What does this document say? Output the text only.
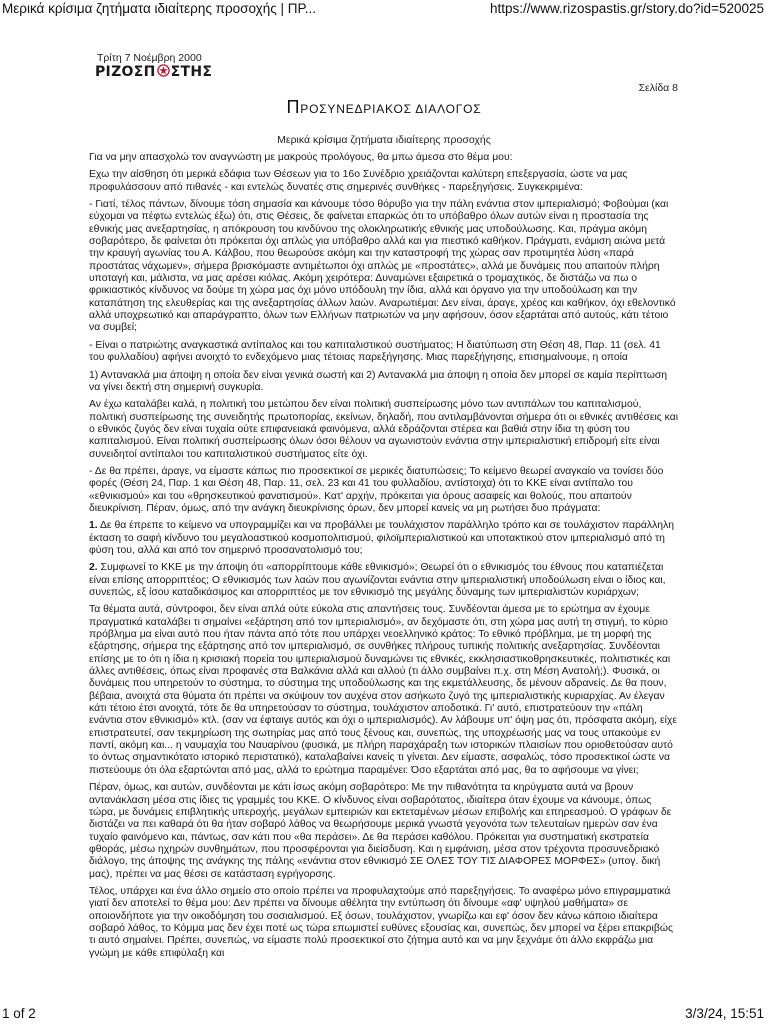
Μερικά κρίσιμα ζητήματα ιδιαίτερης προσοχής | ΠΡ...	https://www.rizospastis.gr/story.do?id=520025
Τρίτη 7 Νοέμβρη 2000
ΡΙΖΟΣΠ ΣΤΗΣ
Σελίδα 8
ΠΡΟΣΥΝΕΔΡΙΑΚΟΣ ΔΙΑΛΟΓΟΣ
Μερικά κρίσιμα ζητήματα ιδιαίτερης προσοχής

Για να μην απασχολώ τον αναγνώστη με μακρούς προλόγους, θα μπω άμεσα στο θέμα μου:

Εχω την αίσθηση ότι μερικά εδάφια των Θέσεων για το 16ο Συνέδριο χρειάζονται καλύτερη επεξεργασία, ώστε να μας προφυλάσσουν από πιθανές - και εντελώς δυνατές στις σημερινές συνθήκες - παρεξηγήσεις. Συγκεκριμένα:

- Γιατί, τέλος πάντων, δίνουμε τόση σημασία και κάνουμε τόσο θόρυβο για την πάλη ενάντια στον ιμπεριαλισμό; Φοβούμαι (και εύχομαι να πέφτω εντελώς έξω) ότι, στις Θέσεις, δε φαίνεται επαρκώς ότι το υπόβαθρο όλων αυτών είναι η προστασία της εθνικής μας ανεξαρτησίας, η απόκρουση του κινδύνου της ολοκληρωτικής εθνικής μας υποδούλωσης. Και, πράγμα ακόμη σοβαρότερο, δε φαίνεται ότι πρόκειται όχι απλώς για υπόβαθρο αλλά και για πιεστικό καθήκον. Πράγματι, ενάμιση αιώνα μετά την κραυγή αγωνίας του Α. Κάλβου, που θεωρούσε ακόμη και την καταστροφή της χώρας σαν προτιμητέα λύση «παρά προστάτας νάχωμεν», σήμερα βρισκόμαστε αντιμέτωποι όχι απλώς με «προστάτες», αλλά με δυνάμεις που απαιτούν πλήρη υποταγή και, μάλιστα, να μας αρέσει κιόλας. Ακόμη χειρότερα: Δυναμώνει εξαιρετικά ο τρομαχτικός, δε διστάζω να πω ο φρικιαστικός κίνδυνος να δούμε τη χώρα μας όχι μόνο υπόδουλη την ίδια, αλλά και όργανο για την υποδούλωση και την καταπάτηση της ελευθερίας και της ανεξαρτησίας άλλων λαών. Αναρωτιέμαι: Δεν είναι, άραγε, χρέος και καθήκον, όχι εθελοντικό αλλά υποχρεωτικό και απαράγραπτο, όλων των Ελλήνων πατριωτών να μην αφήσουν, όσον εξαρτάται από αυτούς, κάτι τέτοιο να συμβεί;

- Είναι ο πατριώτης αναγκαστικά αντίπαλος και του καπιταλιστικού συστήματος; Η διατύπωση στη Θέση 48, Παρ. 11 (σελ. 41 του φυλλαδίου) αφήνει ανοιχτό το ενδεχόμενο μιας τέτοιας παρεξήγησης. Μιας παρεξήγησης, επισημαίνουμε, η οποία

1) Αντανακλά μια άποψη η οποία δεν είναι γενικά σωστή και 2) Αντανακλά μια άποψη η οποία δεν μπορεί σε καμία περίπτωση να γίνει δεκτή στη σημερινή συγκυρία.

Αν έχω καταλάβει καλά, η πολιτική του μετώπου δεν είναι πολιτική συσπείρωσης μόνο των αντιπάλων του καπιταλισμού, πολιτική συσπείρωσης της συνειδητής πρωτοπορίας, εκείνων, δηλαδή, που αντιλαμβάνονται σήμερα ότι οι εθνικές αντιθέσεις και ο εθνικός ζυγός δεν είναι τυχαία ούτε επιφανειακά φαινόμενα, αλλά εδράζονται στέρεα και βαθιά στην ίδια τη φύση του καπιταλισμού. Είναι πολιτική συσπείρωσης όλων όσοι θέλουν να αγωνιστούν ενάντια στην ιμπεριαλιστική επιδρομή είτε είναι συνειδητοί αντίπαλοι του καπιταλιστικού συστήματος είτε όχι.

- Δε θα πρέπει, άραγε, να είμαστε κάπως πιο προσεκτικοί σε μερικές διατυπώσεις; Το κείμενο θεωρεί αναγκαίο να τονίσει δύο φορές (Θέση 24, Παρ. 1 και Θέση 48, Παρ. 11, σελ. 23 και 41 του φυλλαδίου, αντίστοιχα) ότι το ΚΚΕ είναι αντίπαλο του «εθνικισμού» και του «θρησκευτικού φανατισμού». Κατ' αρχήν, πρόκειται για όρους ασαφείς και θολούς, που απαιτούν διευκρίνιση. Πέραν, όμως, από την ανάγκη διευκρίνισης όρων, δεν μπορεί κανείς να μη ρωτήσει δυο πράγματα:

1. Δε θα έπρεπε το κείμενο να υπογραμμίζει και να προβάλλει με τουλάχιστον παράλληλο τρόπο και σε τουλάχιστον παράλληλη έκταση το σαφή κίνδυνο του μεγαλοαστικού κοσμοπολιτισμού, φιλοϊμπεριαλιστικού και υποτακτικού στον ιμπεριαλισμό από τη φύση του, αλλά και από τον σημερινό προσανατολισμό του;

2. Συμφωνεί το ΚΚΕ με την άποψη ότι «απορρίπτουμε κάθε εθνικισμό»; Θεωρεί ότι ο εθνικισμός του έθνους που καταπιέζεται είναι επίσης απορριπτέος; Ο εθνικισμός των λαών που αγωνίζονται ενάντια στην ιμπεριαλιστική υποδούλωση είναι ο ίδιος και, συνεπώς, εξ ίσου καταδικάσιμος και απορριπτέος με τον εθνικισμό της μεγάλης δύναμης των ιμπεριαλιστών κυριάρχων;

Τα θέματα αυτά, σύντροφοι, δεν είναι απλά ούτε εύκολα στις απαντήσεις τους. Συνδέονται άμεσα με το ερώτημα αν έχουμε πραγματικά καταλάβει τι σημαίνει «εξάρτηση από τον ιμπεριαλισμό», αν δεχόμαστε ότι, στη χώρα μας αυτή τη στιγμή, το κύριο πρόβλημα μα είναι αυτό που ήταν πάντα από τότε που υπάρχει νεοελληνικό κράτος: Το εθνικό πρόβλημα, με τη μορφή της εξάρτησης, σήμερα της εξάρτησης από τον ιμπεριαλισμό, σε συνθήκες πλήρους τυπικής πολιτικής ανεξαρτησίας. Συνδέονται επίσης με το ότι η ίδια η κρισιακή πορεία του ιμπεριαλισμού δυναμώνει τις εθνικές, εκκλησιαστικοθρησκευτικές, πολιτιστικές και άλλες αντιθέσεις, όπως είναι προφανές στα Βαλκάνια αλλά και αλλού (τι άλλο συμβαίνει π.χ. στη Μέση Ανατολή;). Φυσικά, οι δυνάμεις που υπηρετούν το σύστημα, το σύστημα της υποδούλωσης και της εκμετάλλευσης, δε μένουν αδρανείς. Δε θα πουν, βέβαια, ανοιχτά στα θύματα ότι πρέπει να σκύψουν τον αυχένα στον ασήκωτο ζυγό της ιμπεριαλιστικής κυριαρχίας. Αν έλεγαν κάτι τέτοιο έτσι ανοιχτά, τότε δε θα υπηρετούσαν το σύστημα, τουλάχιστον αποδοτικά. Γι' αυτό, επιστρατεύουν την «πάλη ενάντια στον εθνικισμό» κτλ. (σαν να έφταιγε αυτός και όχι ο ιμπεριαλισμός). Αν λάβουμε υπ' όψη μας ότι, πρόσφατα ακόμη, είχε επιστρατευτεί, σαν τεκμηρίωση της σωτηρίας μας από τους ξένους και, συνεπώς, της υποχρέωσής μας να τους υπακούμε εν παντί, ακόμη και... η ναυμαχία του Ναυαρίνου (φυσικά, με πλήρη παραχάραξη των ιστορικών πλαισίων που οριοθετούσαν αυτό το όντως σημαντικότατο ιστορικό περιστατικό), καταλαβαίνει κανείς τι γίνεται. Δεν είμαστε, ασφαλώς, τόσο προσεκτικοί ώστε να πιστεύουμε ότι όλα εξαρτώνται από μας, αλλά το ερώτημα παραμένει: Όσο εξαρτάται από μας, θα το αφήσουμε να γίνει;

Πέραν, όμως, και αυτών, συνδέονται με κάτι ίσως ακόμη σοβαρότερο: Με την πιθανότητα τα κηρύγματα αυτά να βρουν αντανάκλαση μέσα στις ίδιες τις γραμμές του ΚΚΕ. Ο κίνδυνος είναι σοβαρότατος, ιδιαίτερα όταν έχουμε να κάνουμε, όπως τώρα, με δυνάμεις επιβλητικής υπεροχής, μεγάλων εμπειριών και εκτεταμένων μέσων επιβολής και επηρεασμού. Ο γράφων δε διστάζει να πει καθαρά ότι θα ήταν σοβαρό λάθος να θεωρήσουμε μερικά γνωστά γεγονότα των τελευταίων ημερών σαν ένα τυχαίο φαινόμενο και, πάντως, σαν κάτι που «θα περάσει». Δε θα περάσει καθόλου. Πρόκειται για συστηματική εκστρατεία φθοράς, μέσω ηχηρών συνθημάτων, που προσφέρονται για διείσδυση. Και η εμφάνιση, μέσα στον τρέχοντα προσυνεδριακό διάλογο, της άποψης της ανάγκης της πάλης «ενάντια στον εθνικισμό ΣΕ ΟΛΕΣ ΤΟΥ ΤΙΣ ΔΙΑΦΟΡΕΣ ΜΟΡΦΕΣ» (υπογ. δική μας), πρέπει να μας θέσει σε κατάσταση εγρήγορσης.

Τέλος, υπάρχει και ένα άλλο σημείο στο οποίο πρέπει να προφυλαχτούμε από παρεξηγήσεις. Το αναφέρω μόνο επιγραμματικά γιατί δεν αποτελεί το θέμα μου: Δεν πρέπει να δίνουμε αθέλητα την εντύπωση ότι δίνουμε «αφ' υψηλού μαθήματα» σε οποιονδήποτε για την οικοδόμηση του σοσιαλισμού. Εξ όσων, τουλάχιστον, γνωρίζω και εφ' όσον δεν κάνω κάποιο ιδιαίτερα σοβαρό λάθος, το Κόμμα μας δεν έχει ποτέ ως τώρα επωμιστεί ευθύνες εξουσίας και, συνεπώς, δεν μπορεί να ξέρει επακριβώς τι αυτό σημαίνει. Πρέπει, συνεπώς, να είμαστε πολύ προσεκτικοί στο ζήτημα αυτό και να μην ξεχνάμε ότι άλλο εκφράζω μια γνώμη με κάθε επιφύλαξη και

1 of 2	3/3/24, 15:51
